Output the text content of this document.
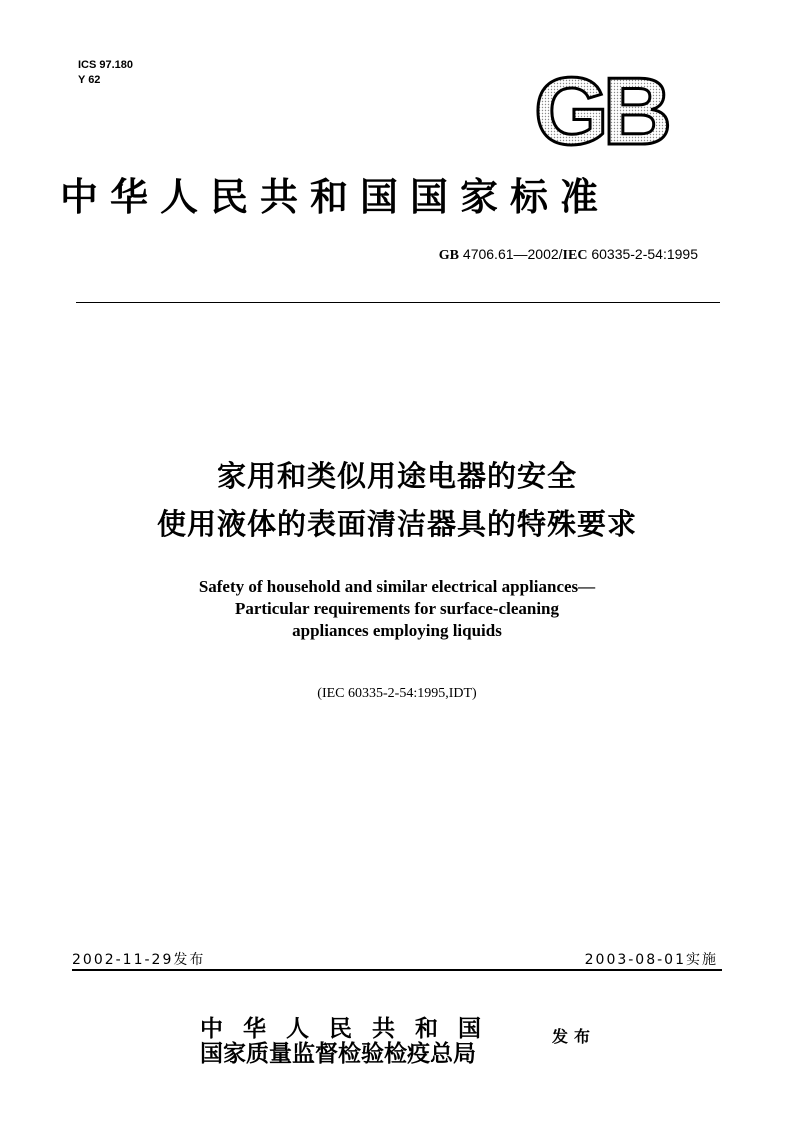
ICS 97.180
Y 62	GB
中华人民共和国国家标准
GB 4706.61—2002/IEC 60335-2-54:1995
家用和类似用途电器的安全
使用液体的表面清洁器具的特殊要求
Safety of household and similar electrical appliances—
Particular requirements for surface-cleaning
appliances employing liquids
(IEC 60335-2-54:1995,IDT)
2002-11-29发布	2003-08-01实施
中华人民共和国
国家质量监督检验检疫总局
发布
